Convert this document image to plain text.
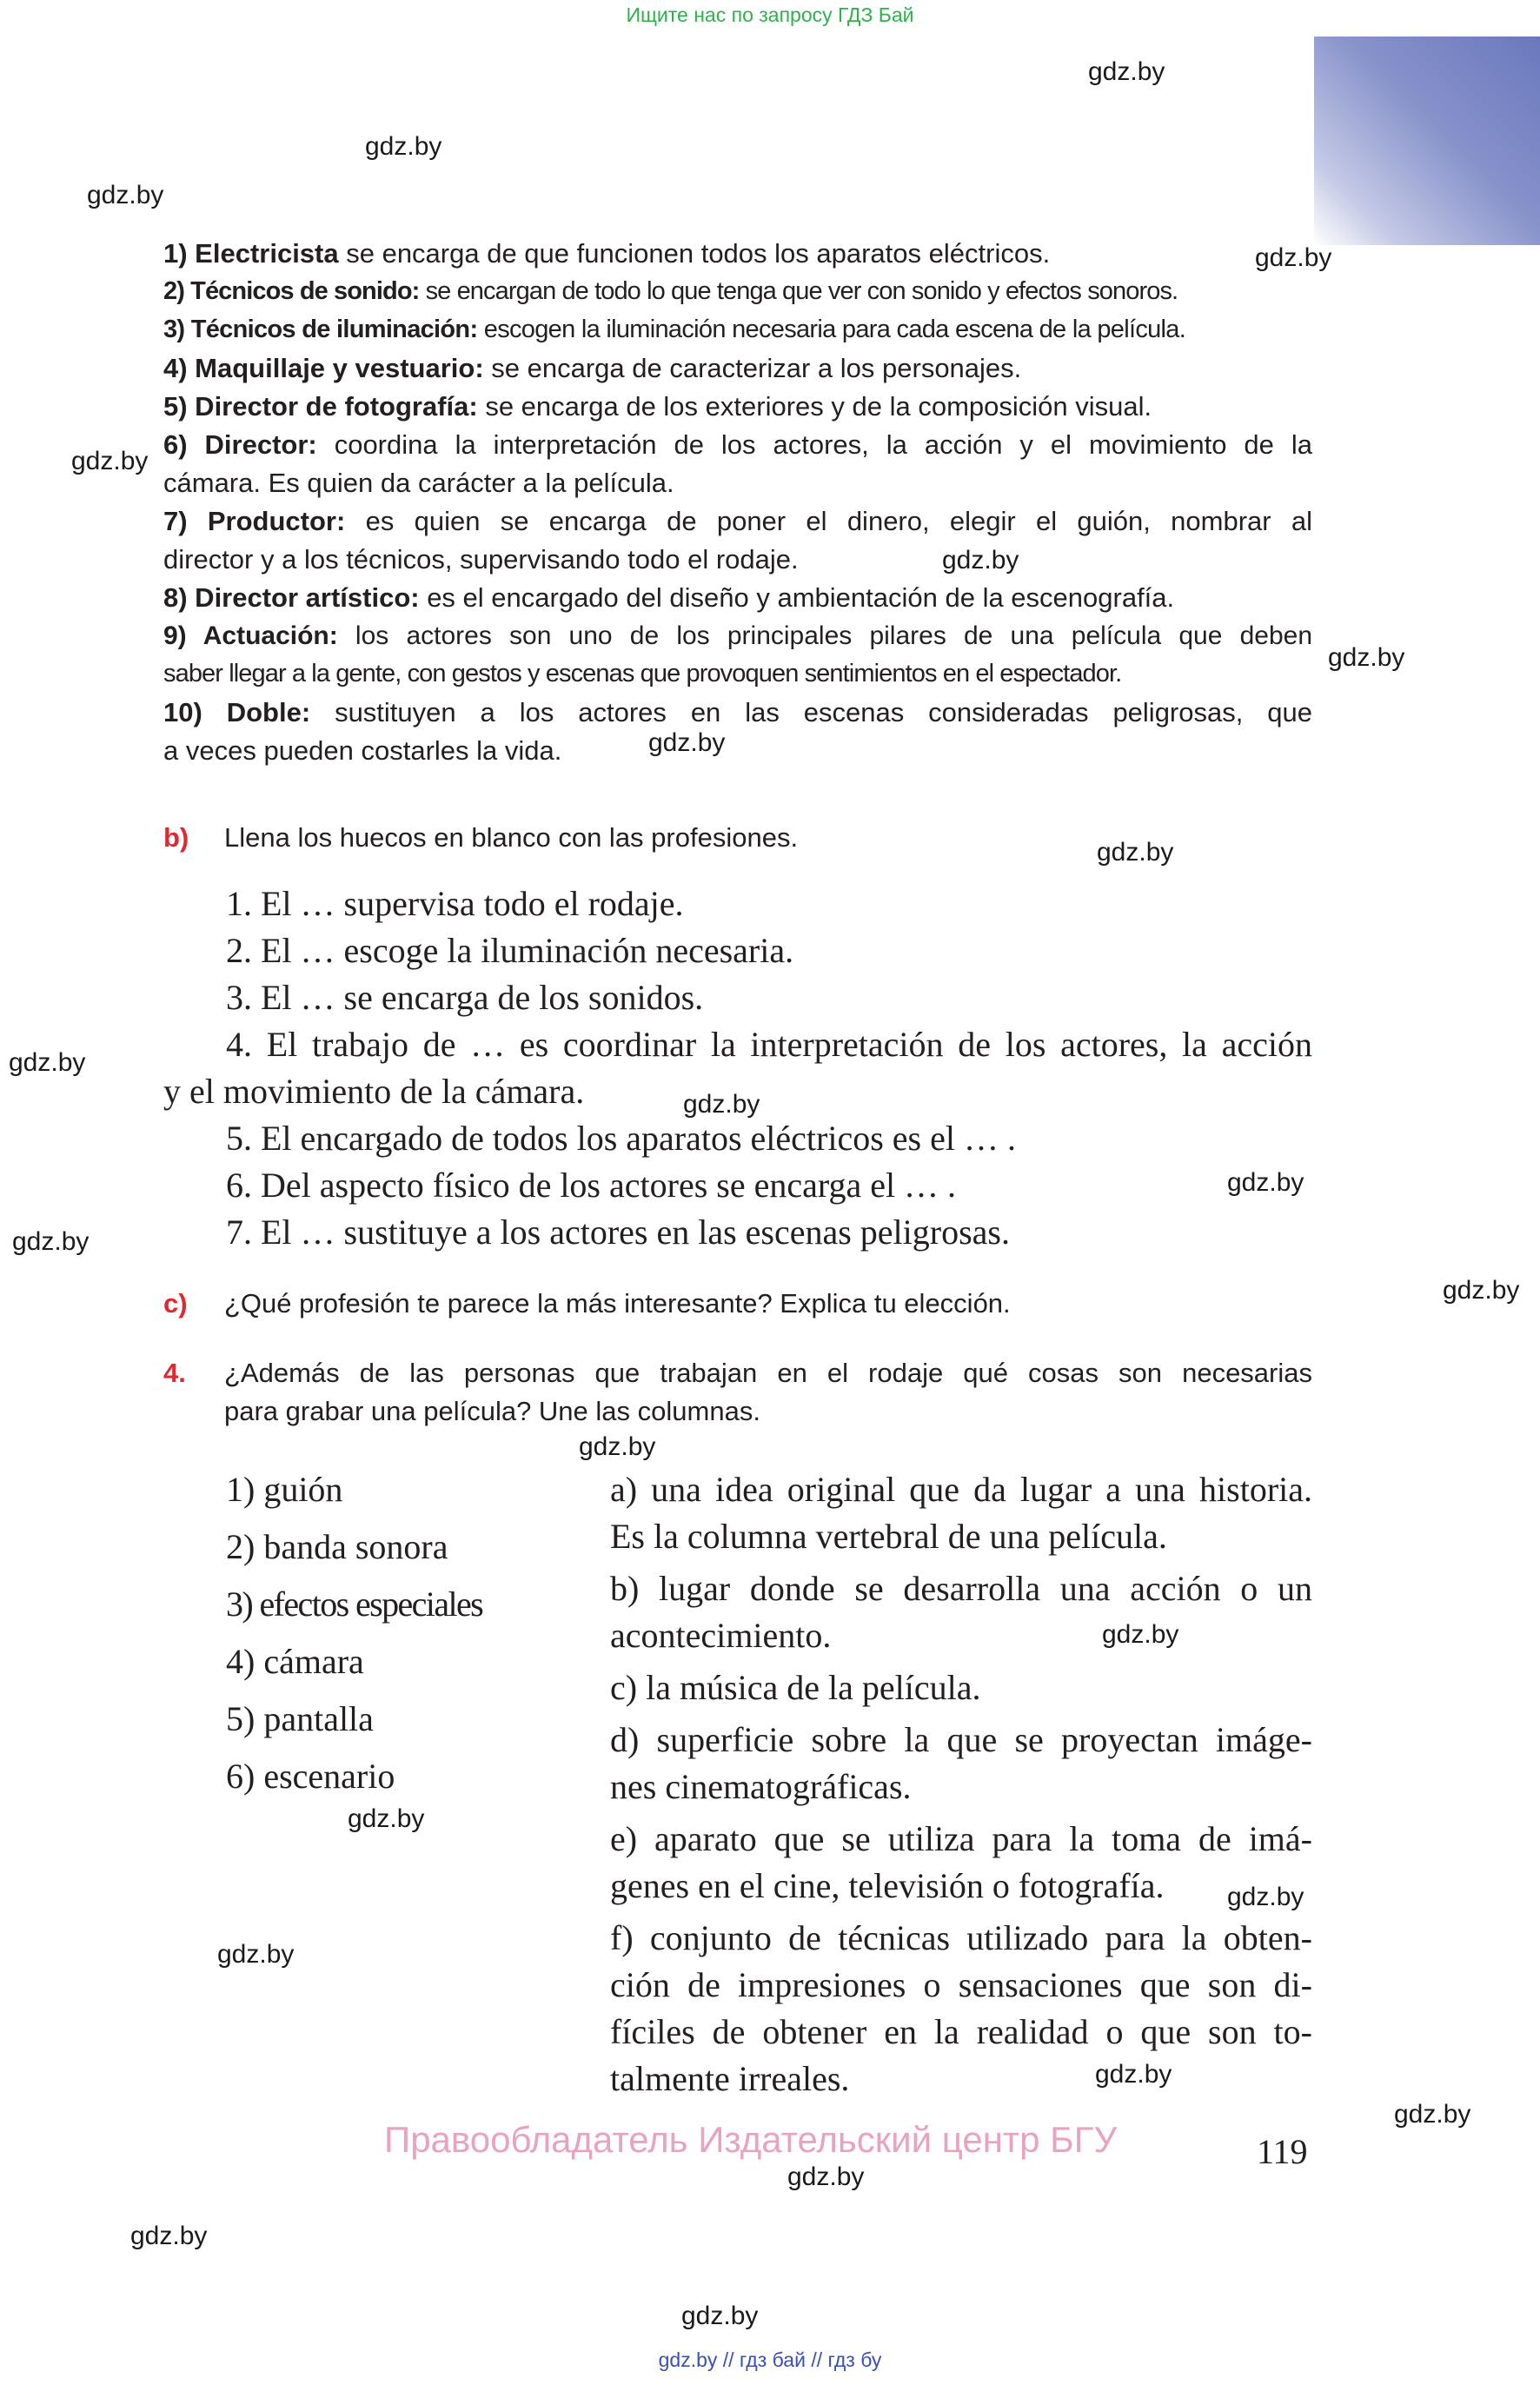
Ищите нас по запросу ГДЗ Бай
gdz.by
gdz.by
gdz.by
gdz.by
gdz.by
gdz.by
gdz.by
gdz.by
gdz.by
gdz.by
gdz.by
gdz.by
gdz.by
gdz.by
gdz.by
gdz.by
gdz.by
gdz.by
gdz.by
gdz.by
gdz.by
gdz.by
gdz.by
gdz.by
1) Electricista se encarga de que funcionen todos los aparatos eléctricos.
2) Técnicos de sonido: se encargan de todo lo que tenga que ver con sonido y efectos sonoros.
3) Técnicos de iluminación: escogen la iluminación necesaria para cada escena de la película.
4) Maquillaje y vestuario: se encarga de caracterizar a los personajes.
5) Director de fotografía: se encarga de los exteriores y de la composición visual.
6) Director: coordina la interpretación de los actores, la acción y el movimiento de la
cámara. Es quien da carácter a la película.
7) Productor: es quien se encarga de poner el dinero, elegir el guión, nombrar al
director y a los técnicos, supervisando todo el rodaje.
8) Director artístico: es el encargado del diseño y ambientación de la escenografía.
9) Actuación: los actores son uno de los principales pilares de una película que deben
saber llegar a la gente, con gestos y escenas que provoquen sentimientos en el espectador.
10) Doble: sustituyen a los actores en las escenas consideradas peligrosas, que
a veces pueden costarles la vida.
b) Llena los huecos en blanco con las profesiones.
1. El … supervisa todo el rodaje.
2. El … escoge la iluminación necesaria.
3. El … se encarga de los sonidos.
4. El trabajo de … es coordinar la interpretación de los actores, la acción
y el movimiento de la cámara.
5. El encargado de todos los aparatos eléctricos es el … .
6. Del aspecto físico de los actores se encarga el … .
7. El … sustituye a los actores en las escenas peligrosas.
c) ¿Qué profesión te parece la más interesante? Explica tu elección.
4. ¿Además de las personas que trabajan en el rodaje qué cosas son necesarias
para grabar una película? Une las columnas.
1) guión
2) banda sonora
3) efectos especiales
4) cámara
5) pantalla
6) escenario
a) una idea original que da lugar a una historia.
Es la columna vertebral de una película.
b) lugar donde se desarrolla una acción o un
acontecimiento.
c) la música de la película.
d) superficie sobre la que se proyectan imáge-
nes cinematográficas.
e) aparato que se utiliza para la toma de imá-
genes en el cine, televisión o fotografía.
f) conjunto de técnicas utilizado para la obten-
ción de impresiones o sensaciones que son di-
fíciles de obtener en la realidad o que son to-
talmente irreales.
Правообладатель Издательский центр БГУ	119
gdz.by // гдз бай // гдз бу
